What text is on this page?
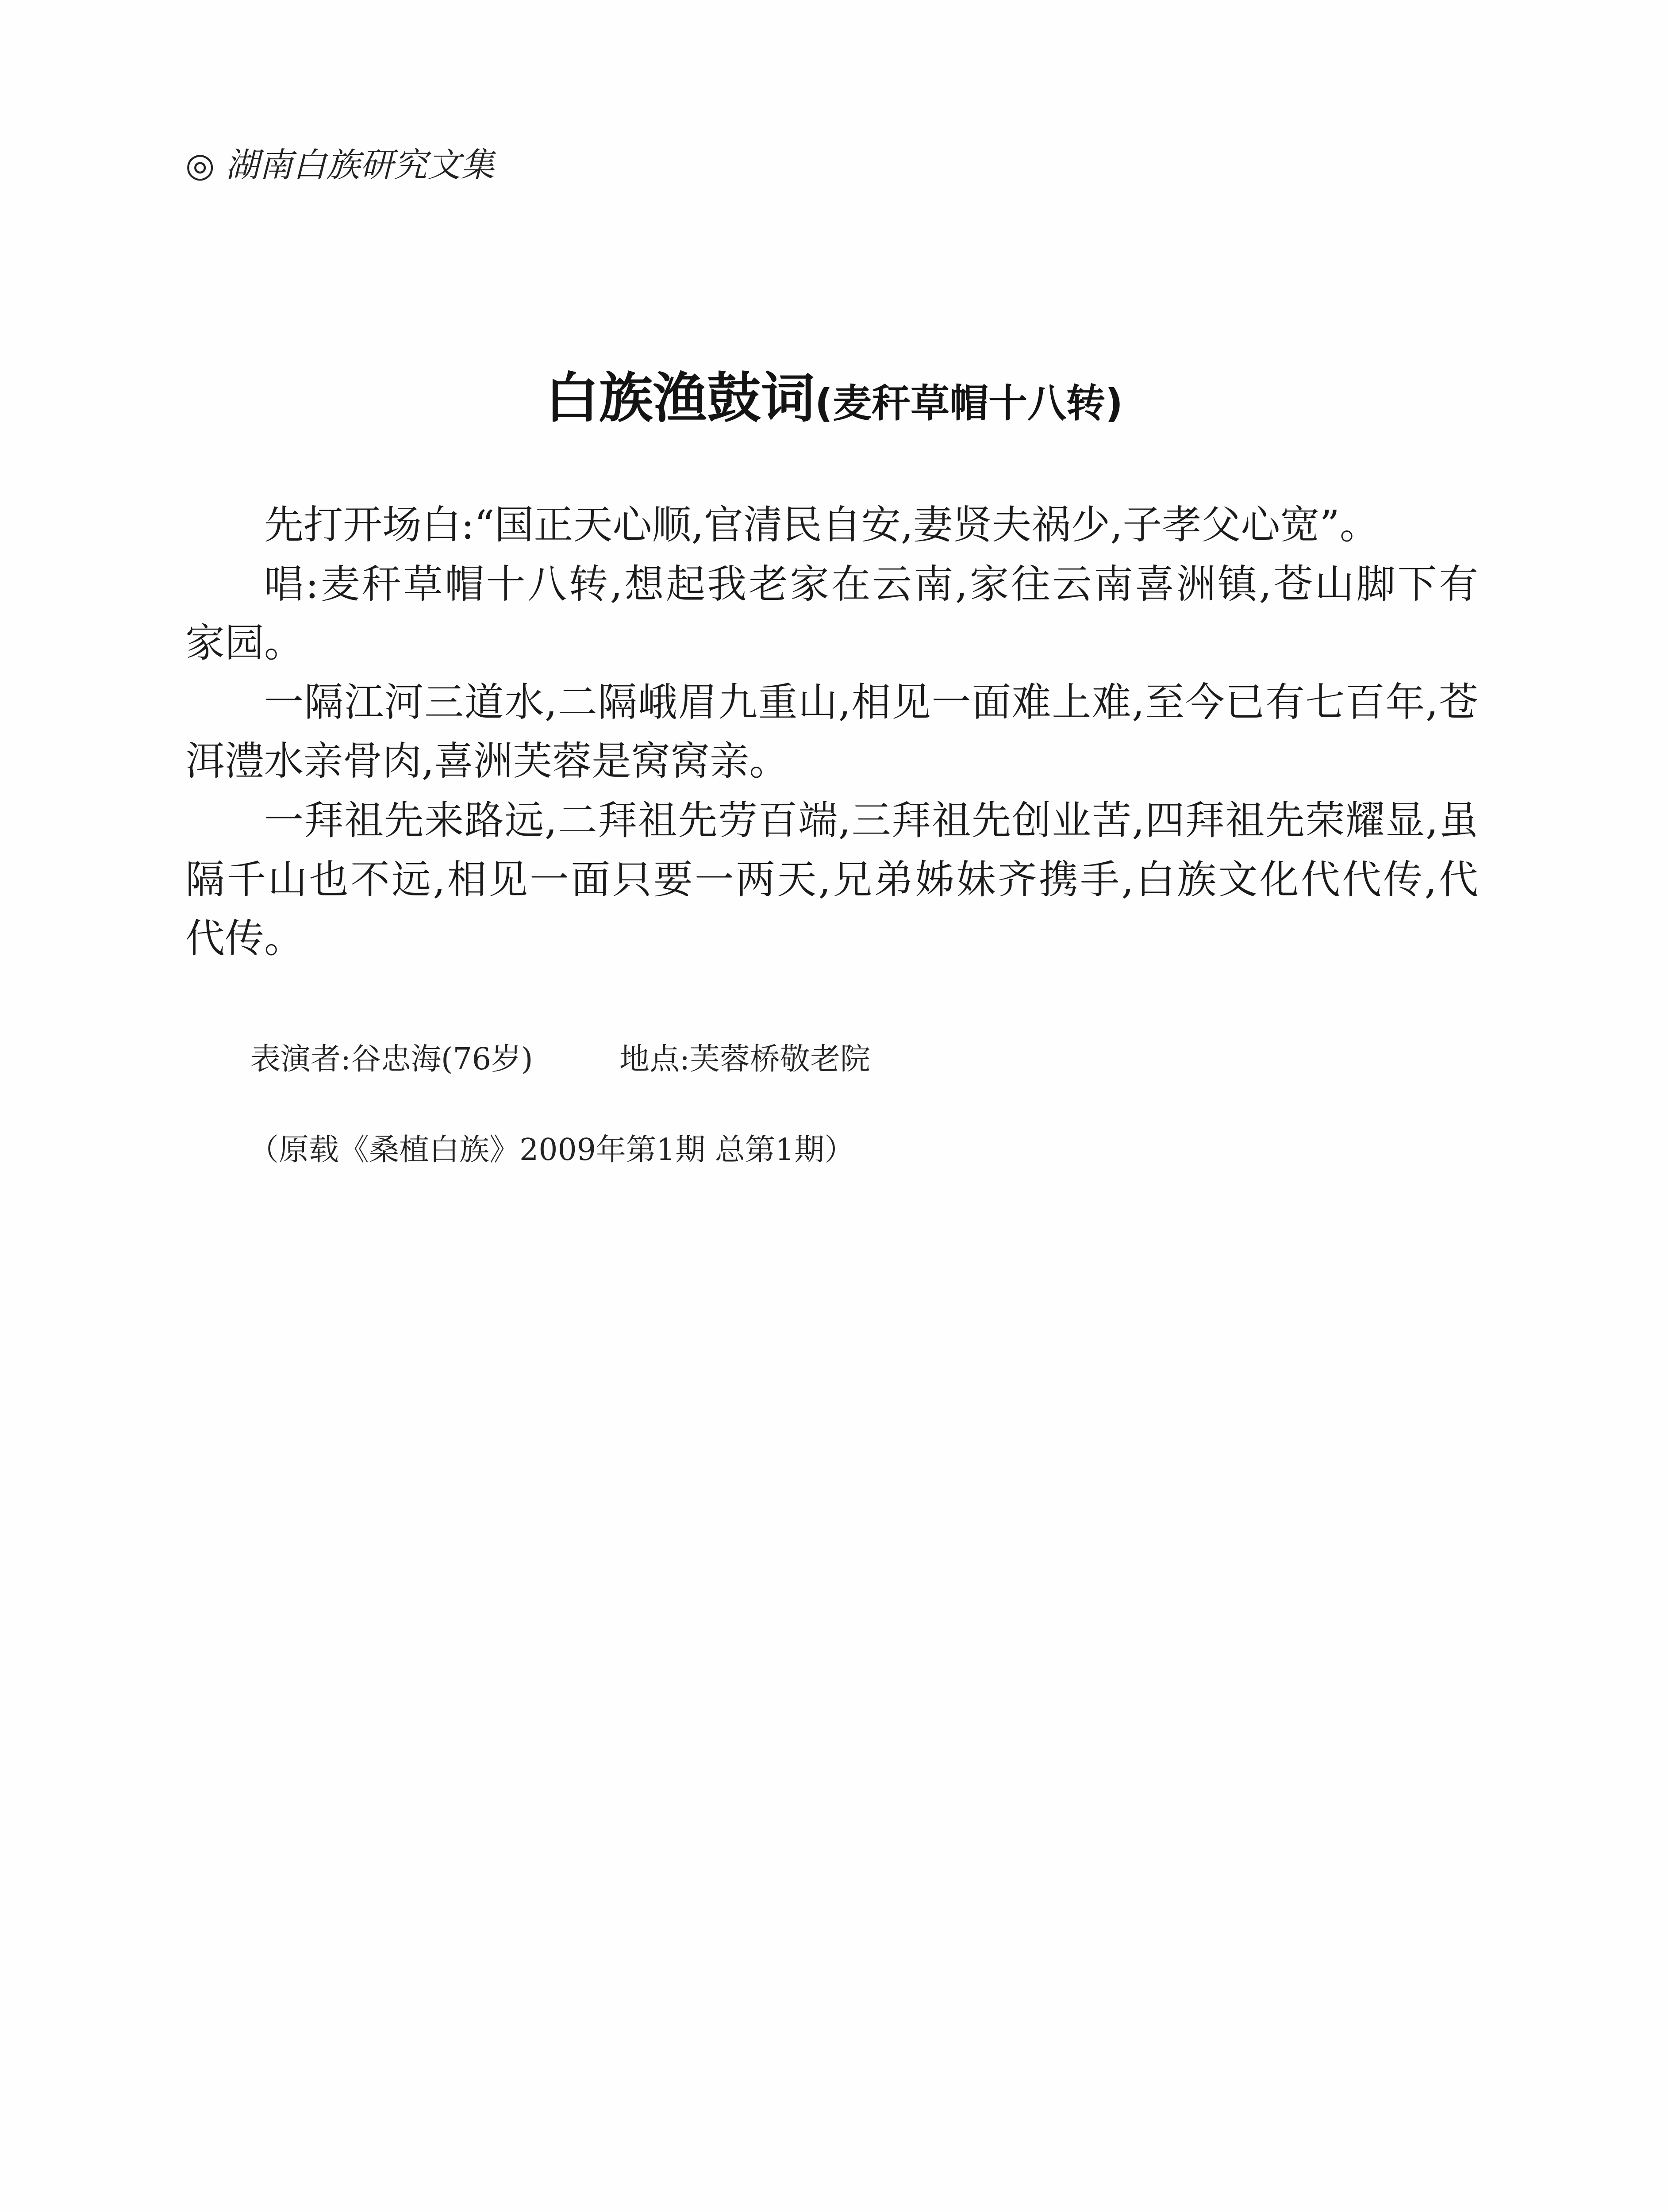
◎ 湖南白族研究文集
白族渔鼓词(麦秆草帽十八转)
先打开场白:“国正天心顺,官清民自安,妻贤夫祸少,子孝父心宽”。
唱:麦秆草帽十八转,想起我老家在云南,家往云南喜洲镇,苍山脚下有
家园。
一隔江河三道水,二隔峨眉九重山,相见一面难上难,至今已有七百年,苍
洱澧水亲骨肉,喜洲芙蓉是窝窝亲。
一拜祖先来路远,二拜祖先劳百端,三拜祖先创业苦,四拜祖先荣耀显,虽
隔千山也不远,相见一面只要一两天,兄弟姊妹齐携手,白族文化代代传,代
代传。
表演者:谷忠海(76岁)	地点:芙蓉桥敬老院
（原载《桑植白族》2009年第1期 总第1期）
